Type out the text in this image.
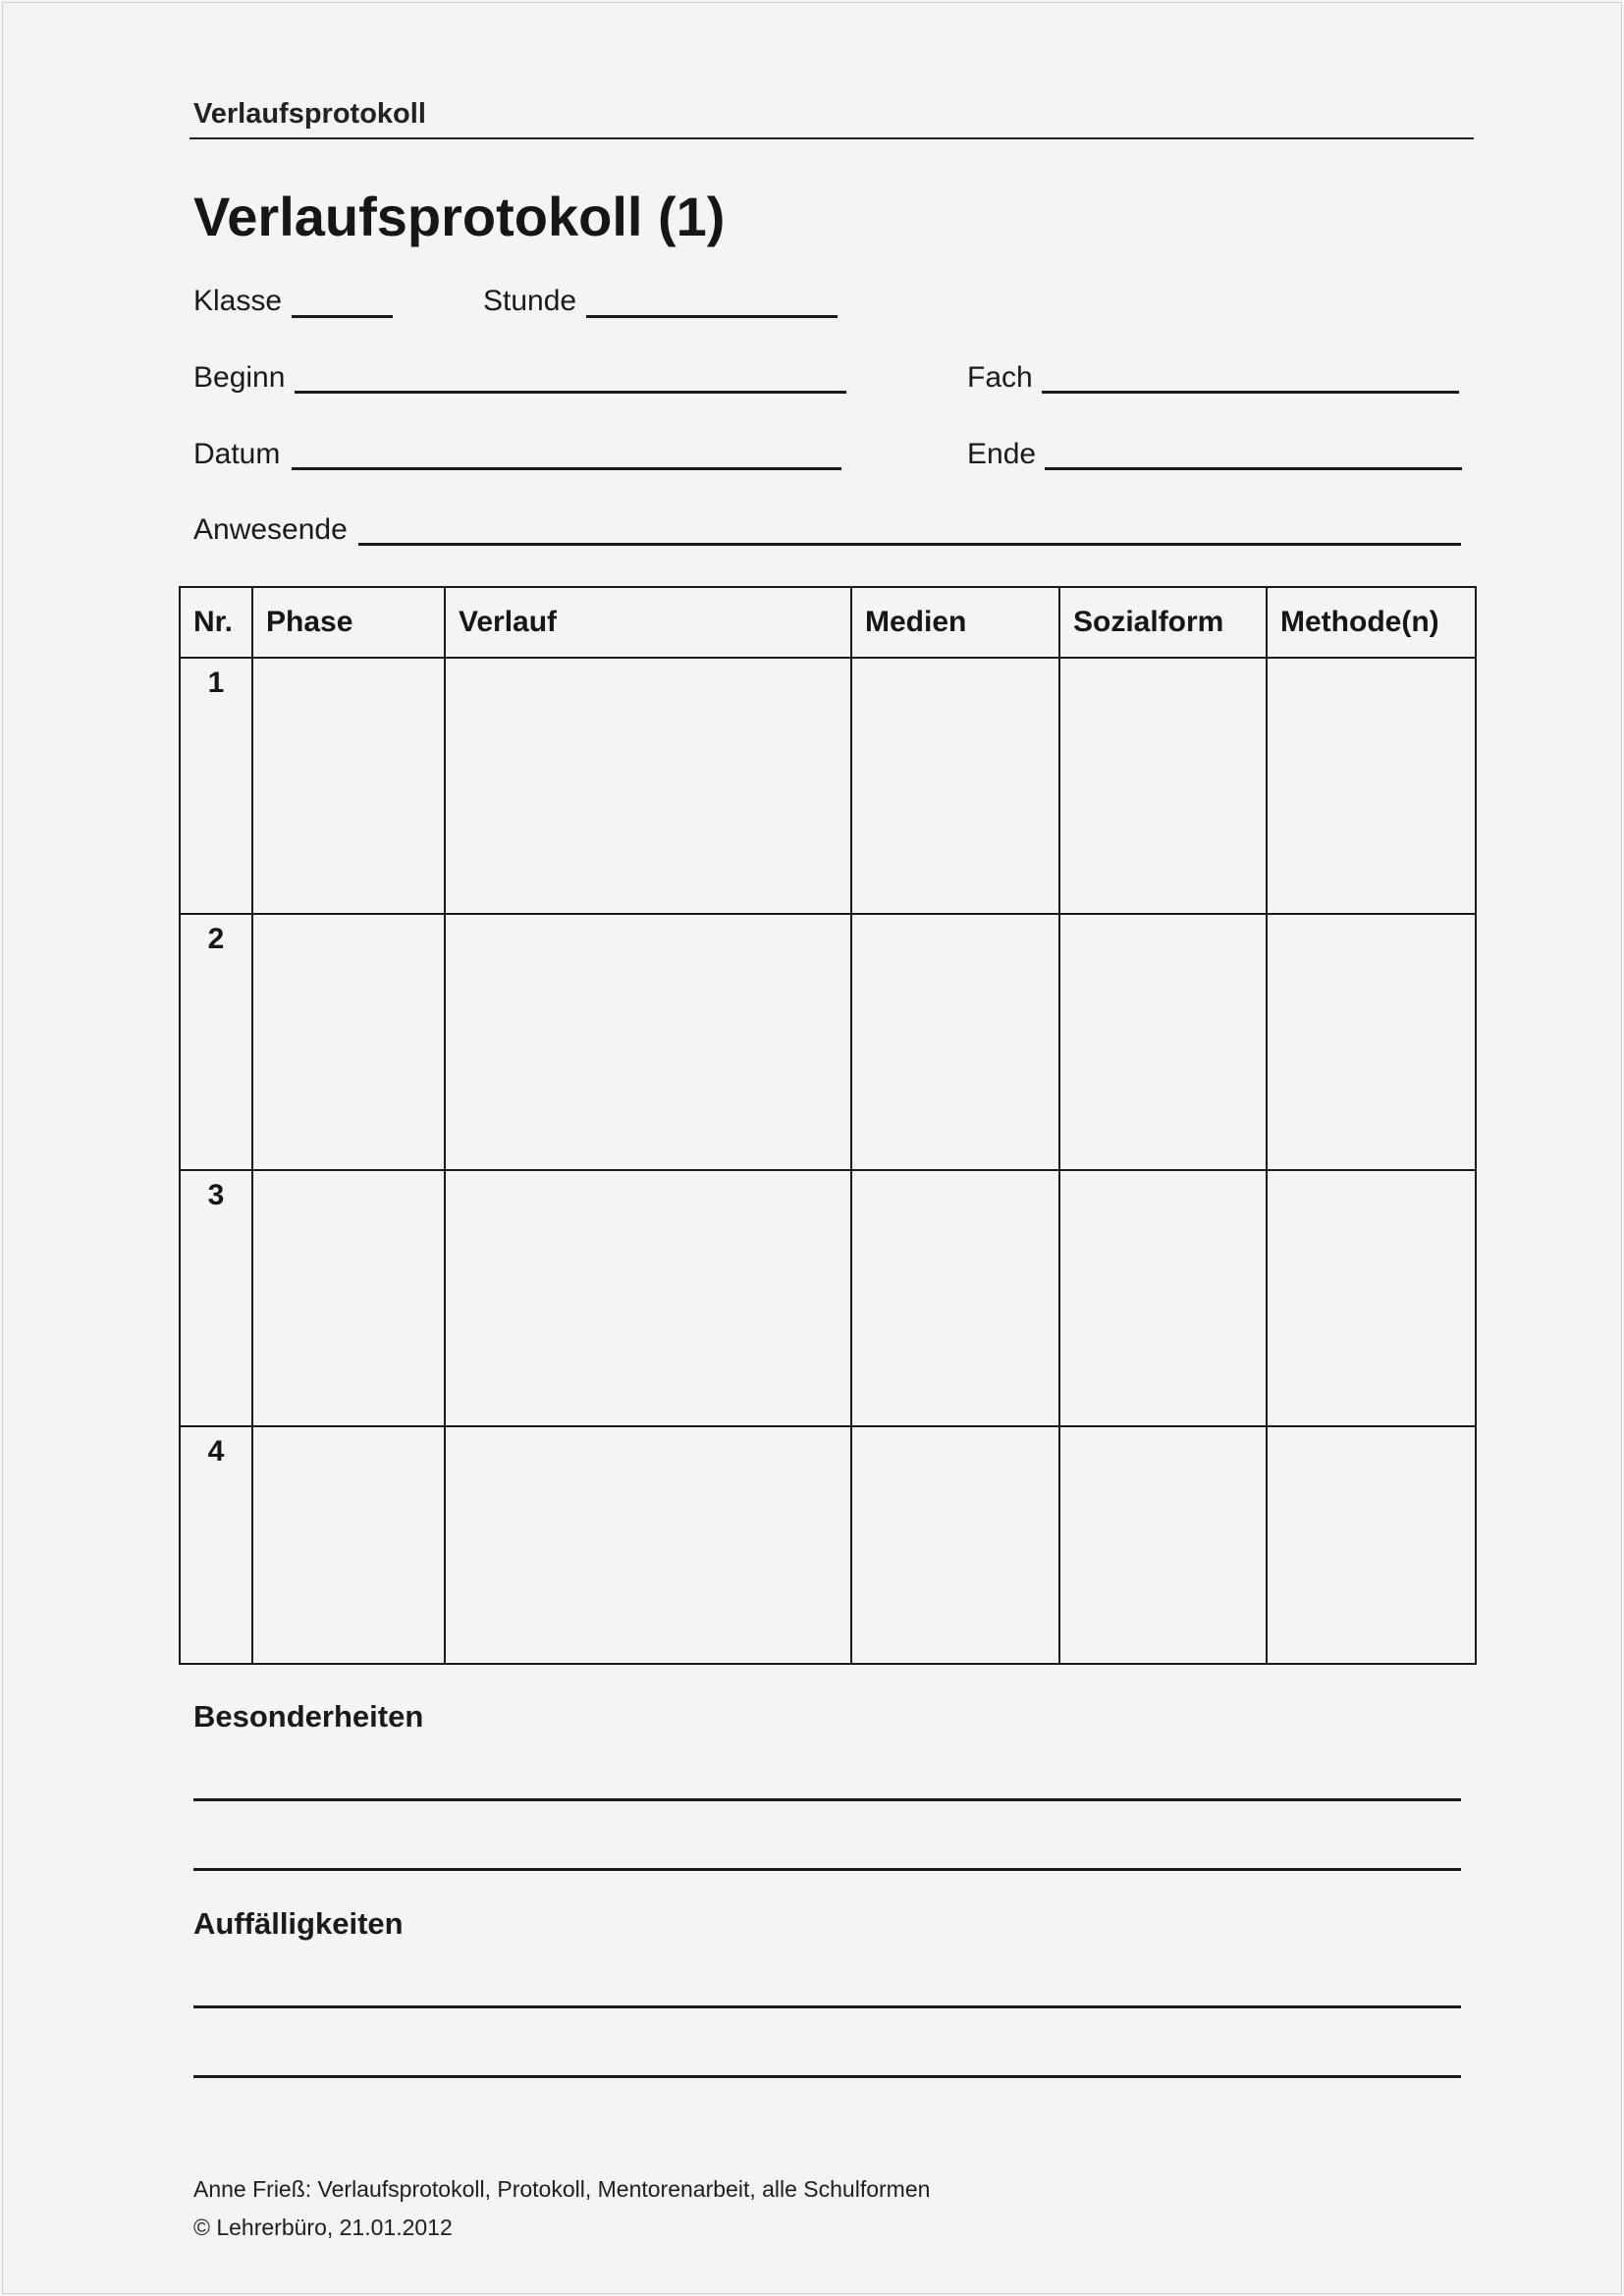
Verlaufsprotokoll
Verlaufsprotokoll (1)
Klasse	Stunde
Beginn	Fach
Datum	Ende
Anwesende
Nr.	Phase	Verlauf	Medien	Sozialform	Methode(n)
1					
2					
3					
4					
Besonderheiten
Auffälligkeiten
Anne Frieß: Verlaufsprotokoll, Protokoll, Mentorenarbeit, alle Schulformen
© Lehrerbüro, 21.01.2012
